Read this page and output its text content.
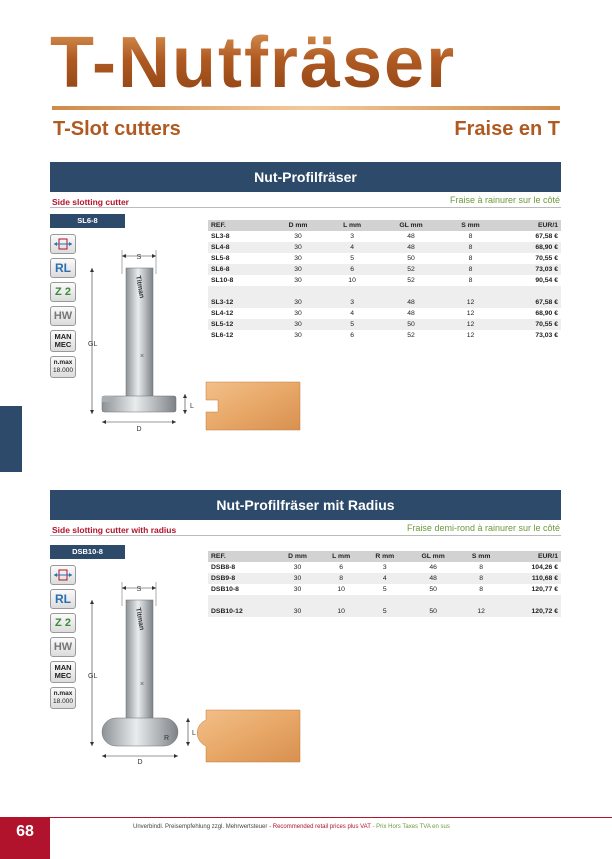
T-Nutfräser
T-Slot cutters	Fraise en T
Nut-Profilfräser
Side slotting cutter	Fraise à rainurer sur le côté
SL6-8
RL
Z 2
HW
MAN
MEC
n.max
18.000
S
GL
Titman
×
D
L
REF.	D mm	L mm	GL mm	S mm	EUR/1
SL3-8	30	3	48	8	67,58 €
SL4-8	30	4	48	8	68,90 €
SL5-8	30	5	50	8	70,55 €
SL6-8	30	6	52	8	73,03 €
SL10-8	30	10	52	8	90,54 €

SL3-12	30	3	48	12	67,58 €
SL4-12	30	4	48	12	68,90 €
SL5-12	30	5	50	12	70,55 €
SL6-12	30	6	52	12	73,03 €
Nut-Profilfräser mit Radius
Side slotting cutter with radius	Fraise demi-rond à rainurer sur le côté
DSB10-8
RL
Z 2
HW
MAN
MEC
n.max
18.000
S
GL
Titman
×
R
D
L
REF.	D mm	L mm	R mm	GL mm	S mm	EUR/1
DSB8-8	30	6	3	46	8	104,26 €
DSB9-8	30	8	4	48	8	110,68 €
DSB10-8	30	10	5	50	8	120,77 €

DSB10-12	30	10	5	50	12	120,72 €
68	Unverbindl. Preisempfehlung zzgl. Mehrwertsteuer - Recommended retail prices plus VAT - Prix Hors Taxes TVA en sus
